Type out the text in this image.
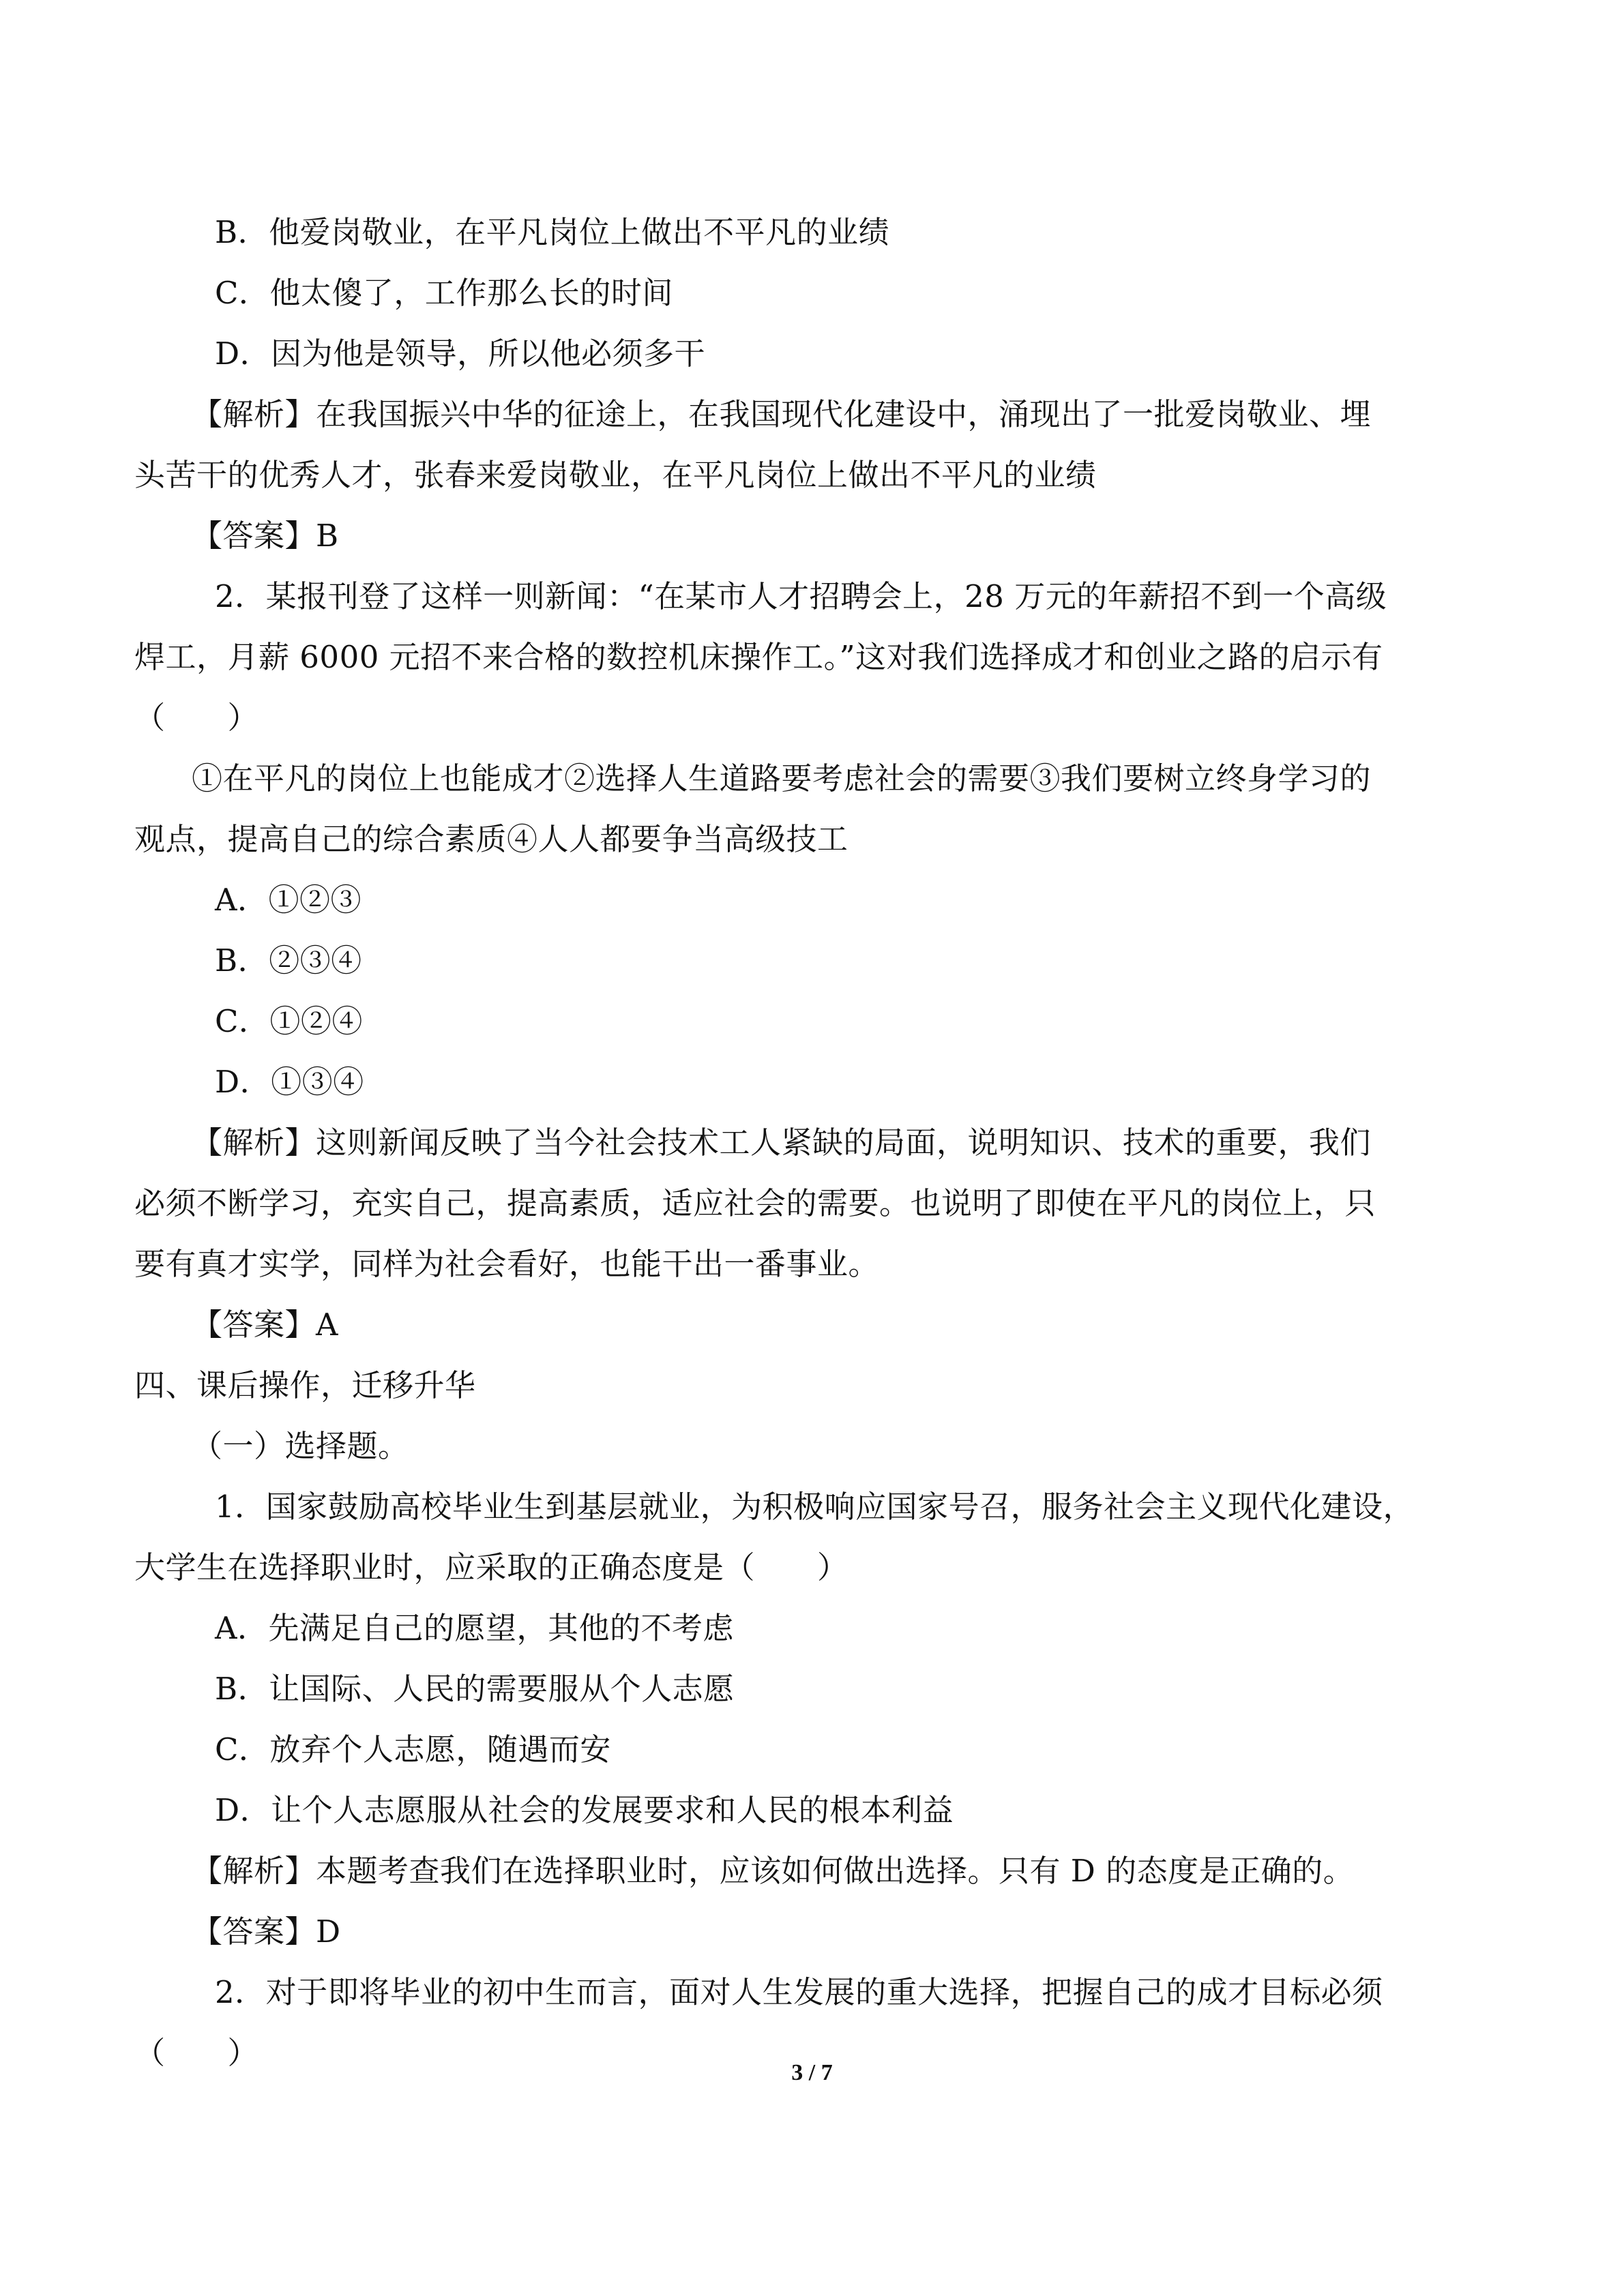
B．他爱岗敬业，在平凡岗位上做出不平凡的业绩
C．他太傻了，工作那么长的时间
D．因为他是领导，所以他必须多干
【解析】在我国振兴中华的征途上，在我国现代化建设中，涌现出了一批爱岗敬业、埋
头苦干的优秀人才，张春来爱岗敬业，在平凡岗位上做出不平凡的业绩
【答案】B
2．某报刊登了这样一则新闻：“在某市人才招聘会上，28 万元的年薪招不到一个高级
焊工，月薪 6000 元招不来合格的数控机床操作工。”这对我们选择成才和创业之路的启示有
（　　）
①在平凡的岗位上也能成才②选择人生道路要考虑社会的需要③我们要树立终身学习的
观点，提高自己的综合素质④人人都要争当高级技工
A．①②③
B．②③④
C．①②④
D．①③④
【解析】这则新闻反映了当今社会技术工人紧缺的局面，说明知识、技术的重要，我们
必须不断学习，充实自己，提高素质，适应社会的需要。也说明了即使在平凡的岗位上，只
要有真才实学，同样为社会看好，也能干出一番事业。
【答案】A
四、课后操作，迁移升华
（一）选择题。
1．国家鼓励高校毕业生到基层就业，为积极响应国家号召，服务社会主义现代化建设，
大学生在选择职业时，应采取的正确态度是（　　）
A．先满足自己的愿望，其他的不考虑
B．让国际、人民的需要服从个人志愿
C．放弃个人志愿，随遇而安
D．让个人志愿服从社会的发展要求和人民的根本利益
【解析】本题考查我们在选择职业时，应该如何做出选择。只有 D 的态度是正确的。
【答案】D
2．对于即将毕业的初中生而言，面对人生发展的重大选择，把握自己的成才目标必须
（　　）
3 / 7
